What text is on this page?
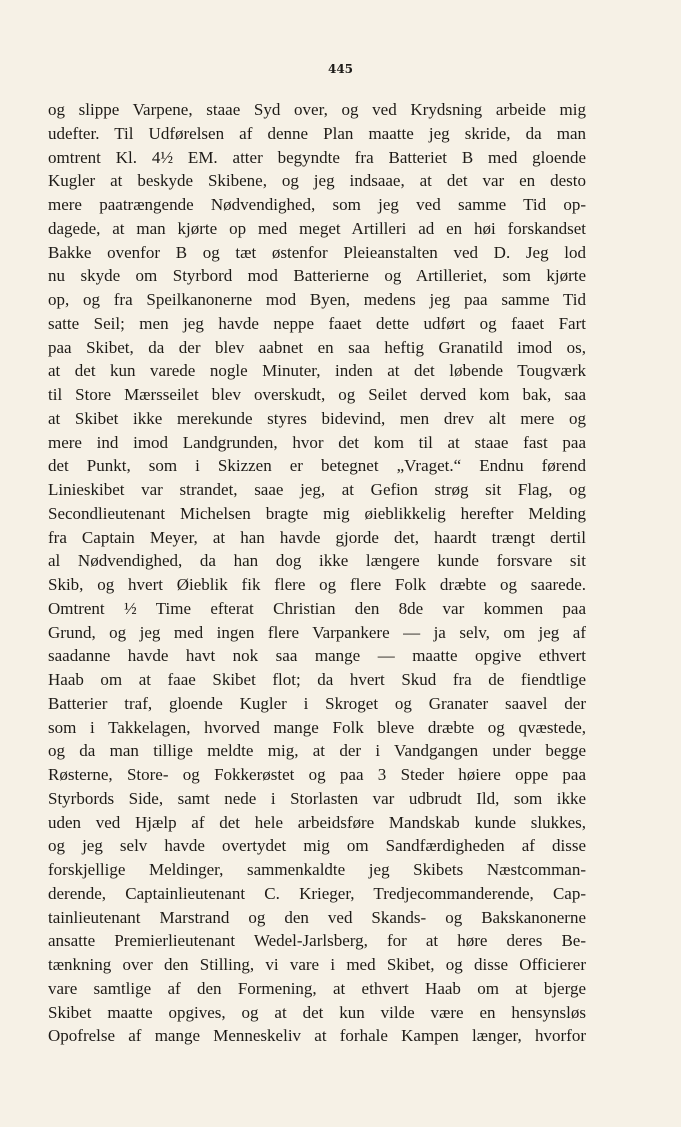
445
og slippe Varpene, staae Syd over, og ved Krydsning arbeide mig
udefter. Til Udførelsen af denne Plan maatte jeg skride, da man
omtrent Kl. 4½ EM. atter begyndte fra Batteriet B med gloende
Kugler at beskyde Skibene, og jeg indsaae, at det var en desto
mere paatrængende Nødvendighed, som jeg ved samme Tid op-
dagede, at man kjørte op med meget Artilleri ad en høi forskandset
Bakke ovenfor B og tæt østenfor Pleieanstalten ved D. Jeg lod
nu skyde om Styrbord mod Batterierne og Artilleriet, som kjørte
op, og fra Speilkanonerne mod Byen, medens jeg paa samme Tid
satte Seil; men jeg havde neppe faaet dette udført og faaet Fart
paa Skibet, da der blev aabnet en saa heftig Granatild imod os,
at det kun varede nogle Minuter, inden at det løbende Tougværk
til Store Mærsseilet blev overskudt, og Seilet derved kom bak, saa
at Skibet ikke merekunde styres bidevind, men drev alt mere og
mere ind imod Landgrunden, hvor det kom til at staae fast paa
det Punkt, som i Skizzen er betegnet „Vraget.“ Endnu førend
Linieskibet var strandet, saae jeg, at Gefion strøg sit Flag, og
Secondlieutenant Michelsen bragte mig øieblikkelig herefter Melding
fra Captain Meyer, at han havde gjorde det, haardt trængt dertil
al Nødvendighed, da han dog ikke længere kunde forsvare sit
Skib, og hvert Øieblik fik flere og flere Folk dræbte og saarede.
Omtrent ½ Time efterat Christian den 8de var kommen paa
Grund, og jeg med ingen flere Varpankere — ja selv, om jeg af
saadanne havde havt nok saa mange — maatte opgive ethvert
Haab om at faae Skibet flot; da hvert Skud fra de fiendtlige
Batterier traf, gloende Kugler i Skroget og Granater saavel der
som i Takkelagen, hvorved mange Folk bleve dræbte og qvæstede,
og da man tillige meldte mig, at der i Vandgangen under begge
Røsterne, Store- og Fokkerøstet og paa 3 Steder høiere oppe paa
Styrbords Side, samt nede i Storlasten var udbrudt Ild, som ikke
uden ved Hjælp af det hele arbeidsføre Mandskab kunde slukkes,
og jeg selv havde overtydet mig om Sandfærdigheden af disse
forskjellige Meldinger, sammenkaldte jeg Skibets Næstcomman-
derende, Captainlieutenant C. Krieger, Tredjecommanderende, Cap-
tainlieutenant Marstrand og den ved Skands- og Bakskanonerne
ansatte Premierlieutenant Wedel-Jarlsberg, for at høre deres Be-
tænkning over den Stilling, vi vare i med Skibet, og disse Officierer
vare samtlige af den Formening, at ethvert Haab om at bjerge
Skibet maatte opgives, og at det kun vilde være en hensynsløs
Opofrelse af mange Menneskeliv at forhale Kampen længer, hvorfor
